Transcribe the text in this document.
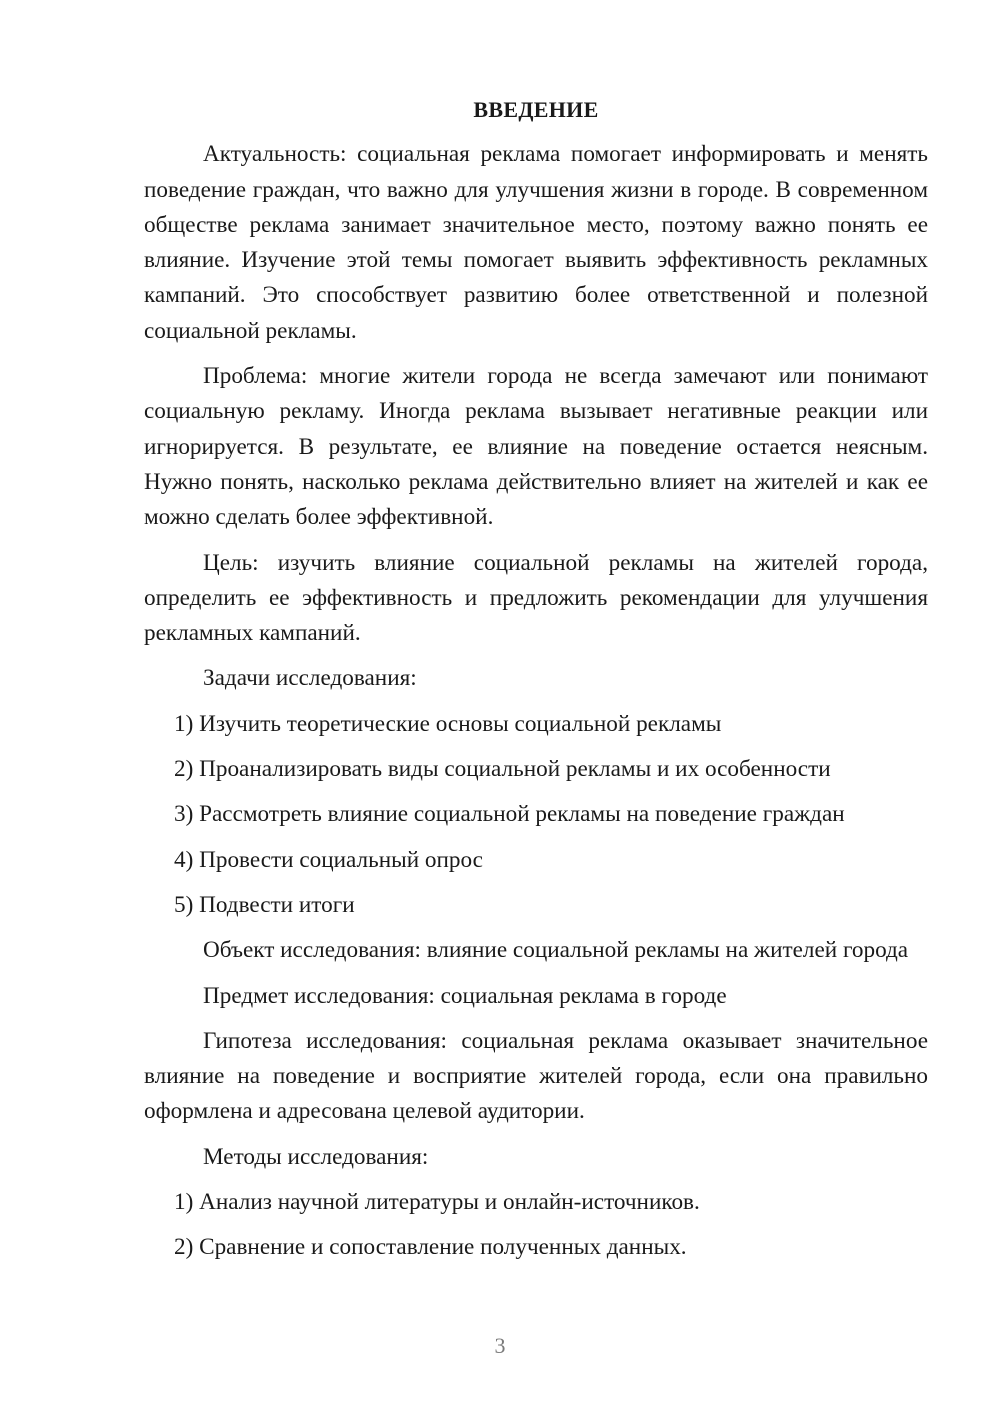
ВВЕДЕНИЕ
Актуальность: социальная реклама помогает информировать и менять поведение граждан, что важно для улучшения жизни в городе. В современном обществе реклама занимает значительное место, поэтому важно понять ее влияние. Изучение этой темы помогает выявить эффективность рекламных кампаний. Это способствует развитию более ответственной и полезной социальной рекламы.
Проблема: многие жители города не всегда замечают или понимают социальную рекламу. Иногда реклама вызывает негативные реакции или игнорируется. В результате, ее влияние на поведение остается неясным. Нужно понять, насколько реклама действительно влияет на жителей и как ее можно сделать более эффективной.
Цель: изучить влияние социальной рекламы на жителей города, определить ее эффективность и предложить рекомендации для улучшения рекламных кампаний.
Задачи исследования:
1) Изучить теоретические основы социальной рекламы
2) Проанализировать виды социальной рекламы и их особенности
3) Рассмотреть влияние социальной рекламы на поведение граждан
4) Провести социальный опрос
5) Подвести итоги
Объект исследования: влияние социальной рекламы на жителей города
Предмет исследования: социальная реклама в городе
Гипотеза исследования: социальная реклама оказывает значительное влияние на поведение и восприятие жителей города, если она правильно оформлена и адресована целевой аудитории.
Методы исследования:
1) Анализ научной литературы и онлайн-источников.
2) Сравнение и сопоставление полученных данных.
3
